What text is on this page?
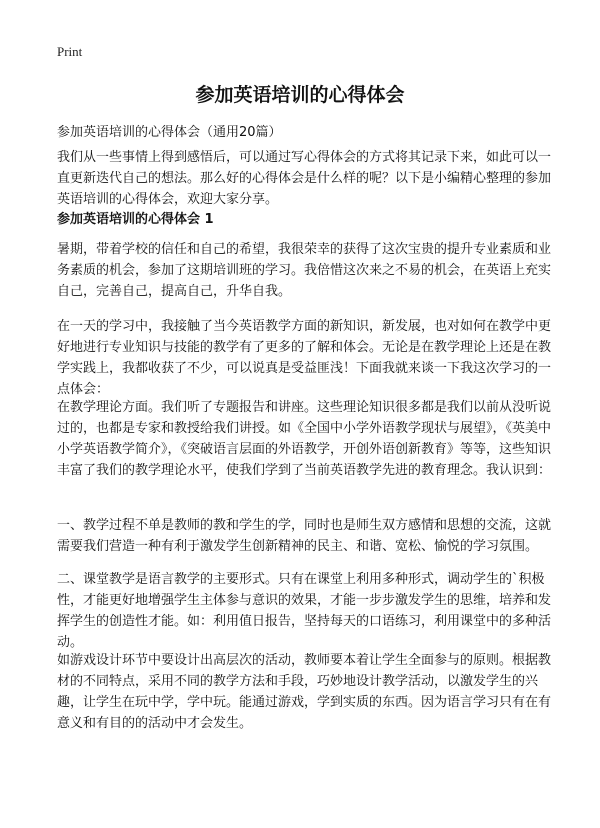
Print
参加英语培训的心得体会

参加英语培训的心得体会（通用20篇）

我们从一些事情上得到感悟后，可以通过写心得体会的方式将其记录下来，如此可以一直更新迭代自己的想法。那么好的心得体会是什么样的呢？以下是小编精心整理的参加英语培训的心得体会，欢迎大家分享。

参加英语培训的心得体会 1

暑期，带着学校的信任和自己的希望，我很荣幸的获得了这次宝贵的提升专业素质和业务素质的机会，参加了这期培训班的学习。我倍惜这次来之不易的机会，在英语上充实自己，完善自己，提高自己，升华自我。

在一天的学习中，我接触了当今英语教学方面的新知识，新发展，也对如何在教学中更好地进行专业知识与技能的教学有了更多的了解和体会。无论是在教学理论上还是在教学实践上，我都收获了不少，可以说真是受益匪浅！下面我就来谈一下我这次学习的一点体会：

在教学理论方面。我们听了专题报告和讲座。这些理论知识很多都是我们以前从没听说过的，也都是专家和教授给我们讲授。如《全国中小学外语教学现状与展望》，《英美中小学英语教学简介》，《突破语言层面的外语教学，开创外语创新教育》等等，这些知识丰富了我们的教学理论水平，使我们学到了当前英语教学先进的教育理念。我认识到：

一、教学过程不单是教师的教和学生的学，同时也是师生双方感情和思想的交流，这就需要我们营造一种有利于激发学生创新精神的民主、和谐、宽松、愉悦的学习氛围。

二、课堂教学是语言教学的主要形式。只有在课堂上利用多种形式，调动学生的`积极性，才能更好地增强学生主体参与意识的效果，才能一步步激发学生的思维，培养和发挥学生的创造性才能。如：利用值日报告，坚持每天的口语练习，利用课堂中的多种活动。

如游戏设计环节中要设计出高层次的活动，教师要本着让学生全面参与的原则。根据教材的不同特点，采用不同的教学方法和手段，巧妙地设计教学活动，以激发学生的兴趣，让学生在玩中学，学中玩。能通过游戏，学到实质的东西。因为语言学习只有在有意义和有目的的活动中才会发生。
